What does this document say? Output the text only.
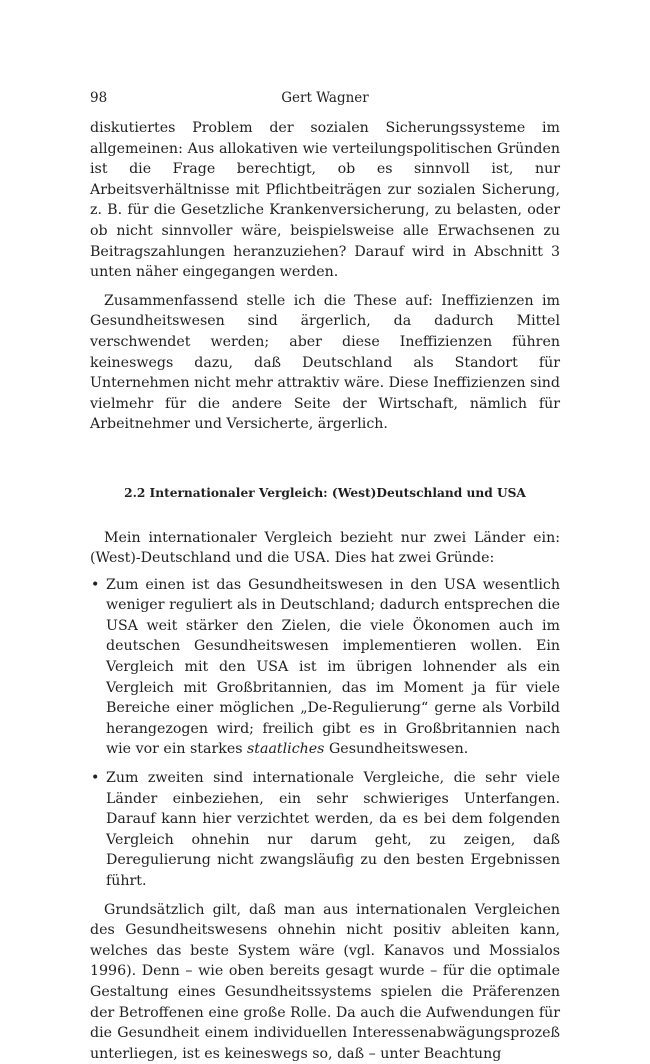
98	Gert Wagner

diskutiertes Problem der sozialen Sicherungssysteme im allgemeinen: Aus allokativen wie verteilungspolitischen Gründen ist die Frage berechtigt, ob es sinnvoll ist, nur Arbeitsverhältnisse mit Pflichtbeiträgen zur sozialen Sicherung, z. B. für die Gesetzliche Krankenversicherung, zu belasten, oder ob nicht sinnvoller wäre, beispielsweise alle Erwachsenen zu Beitragszahlungen heranzuziehen? Darauf wird in Abschnitt 3 unten näher eingegangen werden.

Zusammenfassend stelle ich die These auf: Ineffizienzen im Gesundheitswesen sind ärgerlich, da dadurch Mittel verschwendet werden; aber diese Ineffizienzen führen keineswegs dazu, daß Deutschland als Standort für Unternehmen nicht mehr attraktiv wäre. Diese Ineffizienzen sind vielmehr für die andere Seite der Wirtschaft, nämlich für Arbeitnehmer und Versicherte, ärgerlich.

2.2 Internationaler Vergleich: (West)Deutschland und USA

Mein internationaler Vergleich bezieht nur zwei Länder ein: (West)-Deutschland und die USA. Dies hat zwei Gründe:

• Zum einen ist das Gesundheitswesen in den USA wesentlich weniger reguliert als in Deutschland; dadurch entsprechen die USA weit stärker den Zielen, die viele Ökonomen auch im deutschen Gesundheitswesen implementieren wollen. Ein Vergleich mit den USA ist im übrigen lohnender als ein Vergleich mit Großbritannien, das im Moment ja für viele Bereiche einer möglichen „De-Regulierung“ gerne als Vorbild herangezogen wird; freilich gibt es in Großbritannien nach wie vor ein starkes staatliches Gesundheitswesen.
• Zum zweiten sind internationale Vergleiche, die sehr viele Länder einbeziehen, ein sehr schwieriges Unterfangen. Darauf kann hier verzichtet werden, da es bei dem folgenden Vergleich ohnehin nur darum geht, zu zeigen, daß Deregulierung nicht zwangsläufig zu den besten Ergebnissen führt.

Grundsätzlich gilt, daß man aus internationalen Vergleichen des Gesundheitswesens ohnehin nicht positiv ableiten kann, welches das beste System wäre (vgl. Kanavos und Mossialos 1996). Denn – wie oben bereits gesagt wurde – für die optimale Gestaltung eines Gesundheitssystems spielen die Präferenzen der Betroffenen eine große Rolle. Da auch die Aufwendungen für die Gesundheit einem individuellen Interessenabwägungsprozeß unterliegen, ist es keineswegs so, daß – unter Beachtung
